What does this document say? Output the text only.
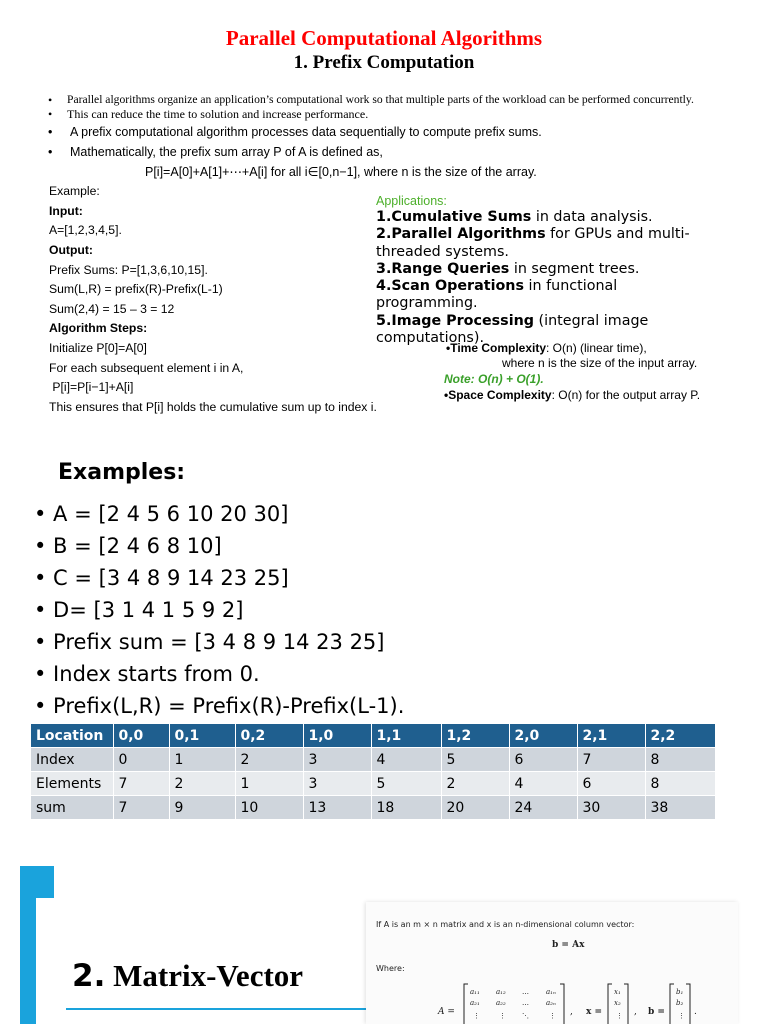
Parallel Computational Algorithms
1. Prefix Computation
• Parallel algorithms organize an application’s computational work so that multiple parts of the workload can be performed concurrently.
• This can reduce the time to solution and increase performance.
• A prefix computational algorithm processes data sequentially to compute prefix sums.
• Mathematically, the prefix sum array P of A is defined as,
P[i]=A[0]+A[1]+⋯+A[i] for all i∈[0,n−1], where n is the size of the array.
Example:
Input:
A=[1,2,3,4,5].
Output:
Prefix Sums: P=[1,3,6,10,15].
Sum(L,R) = prefix(R)-Prefix(L-1)
Sum(2,4) = 15 – 3 = 12
Algorithm Steps:
Initialize P[0]=A[0]
For each subsequent element i in A,
P[i]=P[i−1]+A[i]
This ensures that P[i] holds the cumulative sum up to index i.
Applications:
1.Cumulative Sums in data analysis.
2.Parallel Algorithms for GPUs and multi-threaded systems.
3.Range Queries in segment trees.
4.Scan Operations in functional programming.
5.Image Processing (integral image computations).
•Time Complexity: O(n) (linear time),
where n is the size of the input array.
Note: O(n) + O(1).
•Space Complexity: O(n) for the output array P.
Examples:
• A = [2 4 5 6 10 20 30]
• B = [2 4 6 8 10]
• C = [3 4 8 9 14 23 25]
• D= [3 1 4 1 5 9 2]
• Prefix sum = [3 4 8 9 14 23 25]
• Index starts from 0.
• Prefix(L,R) = Prefix(R)-Prefix(L-1).
Location	0,0	0,1	0,2	1,0	1,1	1,2	2,0	2,1	2,2
Index	0	1	2	3	4	5	6	7	8
Elements	7	2	1	3	5	2	4	6	8
sum	7	9	10	13	18	20	24	30	38
2. Matrix-Vector
If A is an m × n matrix and x is an n-dimensional column vector:
b = Ax
Where:
A =
a₁₁ a₁₂ … a₁ₙ
a₂₁ a₂₂ … a₂ₙ
⋮	⋮ ⋱	⋮ , x =
x₁
x₂
⋮ , b =
b₁
b₂
⋮ .
